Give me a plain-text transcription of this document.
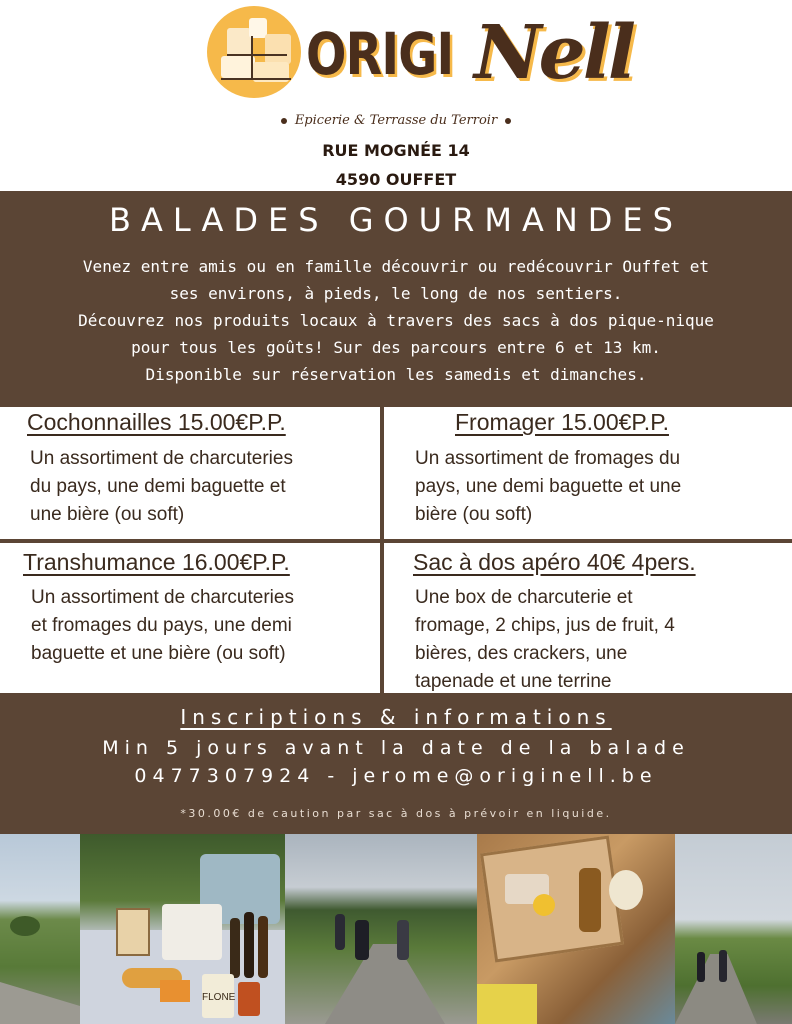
ORIGI Nell
Epicerie & Terrasse du Terroir
RUE MOGNÉE 14
4590 OUFFET
BALADES GOURMANDES
Venez entre amis ou en famille découvrir ou redécouvrir Ouffet et
ses environs, à pieds, le long de nos sentiers.
Découvrez nos produits locaux à travers des sacs à dos pique-nique
pour tous les goûts! Sur des parcours entre 6 et 13 km.
Disponible sur réservation les samedis et dimanches.
Cochonnailles 15.00€P.P.
Un assortiment de charcuteries
du pays, une demi baguette et
une bière (ou soft)
Fromager 15.00€P.P.
Un assortiment de fromages du
pays, une demi baguette et une
bière (ou soft)
Transhumance 16.00€P.P.
Un assortiment de charcuteries
et fromages du pays, une demi
baguette et une bière (ou soft)
Sac à dos apéro 40€ 4pers.
Une box de charcuterie et
fromage, 2 chips, jus de fruit, 4
bières, des crackers, une
tapenade et une terrine
Inscriptions & informations
Min 5 jours avant la date de la balade
0477307924 - jerome@originell.be
*30.00€ de caution par sac à dos à prévoir en liquide.
FLONE
